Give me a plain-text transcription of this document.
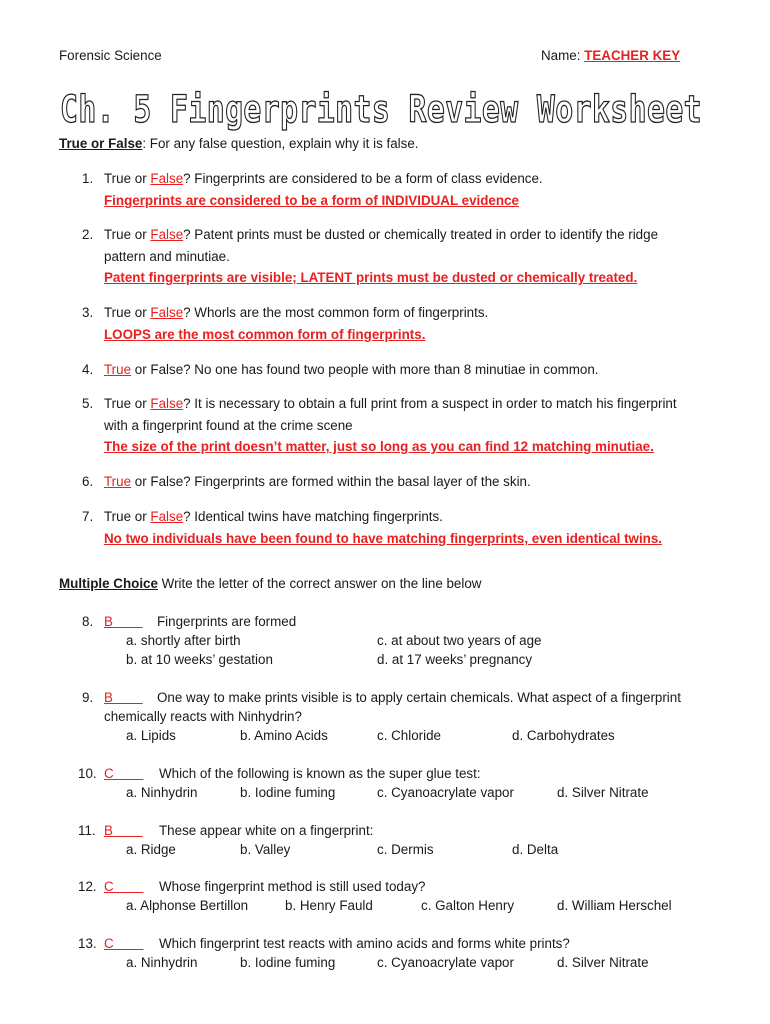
Forensic Science	Name: TEACHER KEY
Ch. 5 Fingerprints Review Worksheet
True or False: For any false question, explain why it is false.
1. True or False? Fingerprints are considered to be a form of class evidence.
Fingerprints are considered to be a form of INDIVIDUAL evidence
2. True or False? Patent prints must be dusted or chemically treated in order to identify the ridge
pattern and minutiae.
Patent fingerprints are visible; LATENT prints must be dusted or chemically treated.
3. True or False? Whorls are the most common form of fingerprints.
LOOPS are the most common form of fingerprints.
4. True or False? No one has found two people with more than 8 minutiae in common.
5. True or False? It is necessary to obtain a full print from a suspect in order to match his fingerprint
with a fingerprint found at the crime scene
The size of the print doesn’t matter, just so long as you can find 12 matching minutiae.
6. True or False? Fingerprints are formed within the basal layer of the skin.
7. True or False? Identical twins have matching fingerprints.
No two individuals have been found to have matching fingerprints, even identical twins.
Multiple Choice Write the letter of the correct answer on the line below
8. B	Fingerprints are formed
a. shortly after birth
b. at 10 weeks’ gestation
c. at about two years of age
d. at 17 weeks’ pregnancy
9. B	One way to make prints visible is to apply certain chemicals. What aspect of a fingerprint
chemically reacts with Ninhydrin?
a. Lipids	b. Amino Acids	c. Chloride	d. Carbohydrates
10. C	Which of the following is known as the super glue test:
a. Ninhydrin	b. Iodine fuming	c. Cyanoacrylate vapor	d. Silver Nitrate
11. B	These appear white on a fingerprint:
a. Ridge	b. Valley	c. Dermis	d. Delta
12. C	Whose fingerprint method is still used today?
a. Alphonse Bertillon	b. Henry Fauld	c. Galton Henry	d. William Herschel
13. C	Which fingerprint test reacts with amino acids and forms white prints?
a. Ninhydrin	b. Iodine fuming	c. Cyanoacrylate vapor	d. Silver Nitrate
